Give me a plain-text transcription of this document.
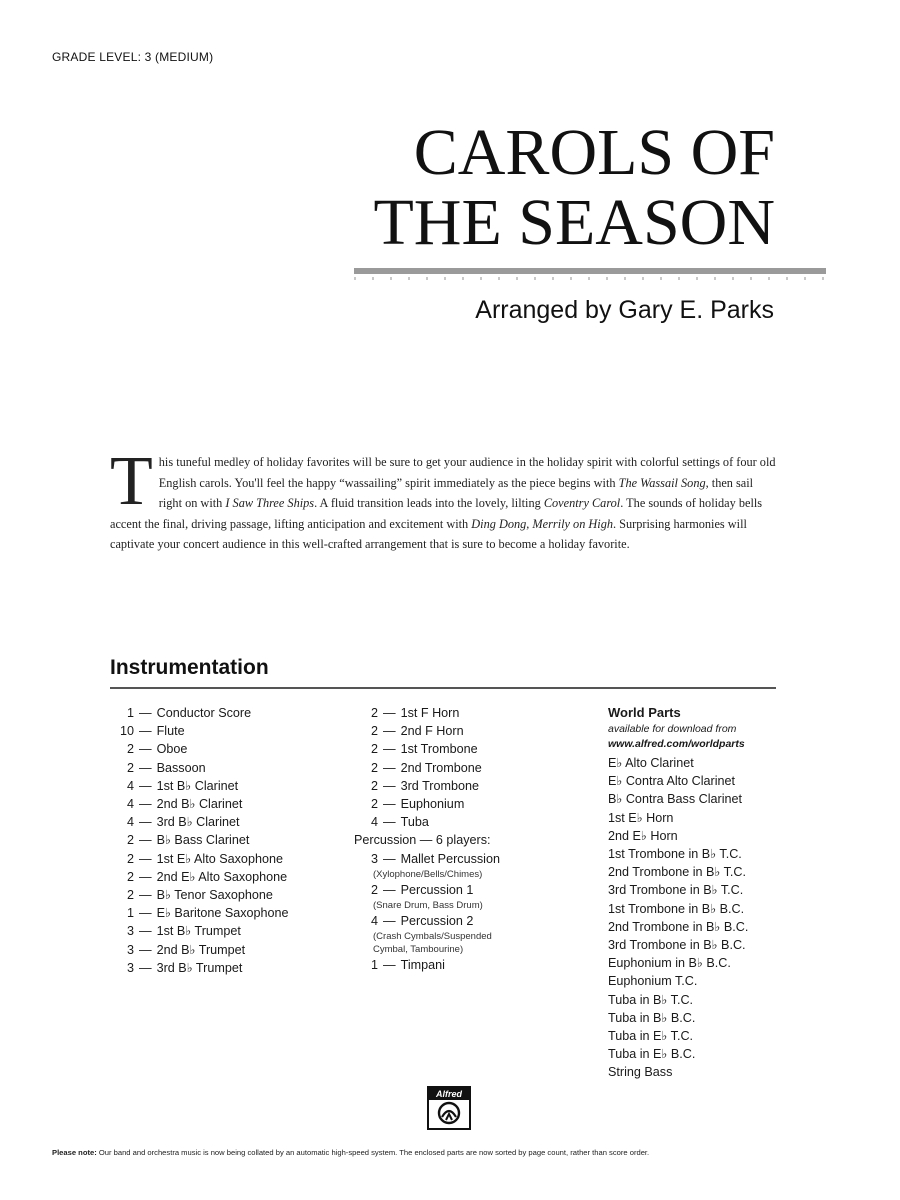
GRADE LEVEL: 3 (MEDIUM)
CAROLS OF
THE SEASON
Arranged by Gary E. Parks

This tuneful medley of holiday favorites will be sure to get your audience in the holiday spirit with colorful settings of four old English carols. You'll feel the happy “wassailing” spirit immediately as the piece begins with The Wassail Song, then sail right on with I Saw Three Ships. A fluid transition leads into the lovely, lilting Coventry Carol. The sounds of holiday bells accent the final, driving passage, lifting anticipation and excitement with Ding Dong, Merrily on High. Surprising harmonies will captivate your concert audience in this well-crafted arrangement that is sure to become a holiday favorite.

Instrumentation
1 — Conductor Score
10 — Flute
2 — Oboe
2 — Bassoon
4 — 1st B♭ Clarinet
4 — 2nd B♭ Clarinet
4 — 3rd B♭ Clarinet
2 — B♭ Bass Clarinet
2 — 1st E♭ Alto Saxophone
2 — 2nd E♭ Alto Saxophone
2 — B♭ Tenor Saxophone
1 — E♭ Baritone Saxophone
3 — 1st B♭ Trumpet
3 — 2nd B♭ Trumpet
3 — 3rd B♭ Trumpet
2 — 1st F Horn
2 — 2nd F Horn
2 — 1st Trombone
2 — 2nd Trombone
2 — 3rd Trombone
2 — Euphonium
4 — Tuba
Percussion — 6 players:
3 — Mallet Percussion
(Xylophone/Bells/Chimes)
2 — Percussion 1
(Snare Drum, Bass Drum)
4 — Percussion 2
(Crash Cymbals/Suspended
Cymbal, Tambourine)
1 — Timpani
World Parts
available for download from
www.alfred.com/worldparts
E♭ Alto Clarinet
E♭ Contra Alto Clarinet
B♭ Contra Bass Clarinet
1st E♭ Horn
2nd E♭ Horn
1st Trombone in B♭ T.C.
2nd Trombone in B♭ T.C.
3rd Trombone in B♭ T.C.
1st Trombone in B♭ B.C.
2nd Trombone in B♭ B.C.
3rd Trombone in B♭ B.C.
Euphonium in B♭ B.C.
Euphonium T.C.
Tuba in B♭ T.C.
Tuba in B♭ B.C.
Tuba in E♭ T.C.
Tuba in E♭ B.C.
String Bass
Alfred
Please note: Our band and orchestra music is now being collated by an automatic high-speed system. The enclosed parts are now sorted by page count, rather than score order.
